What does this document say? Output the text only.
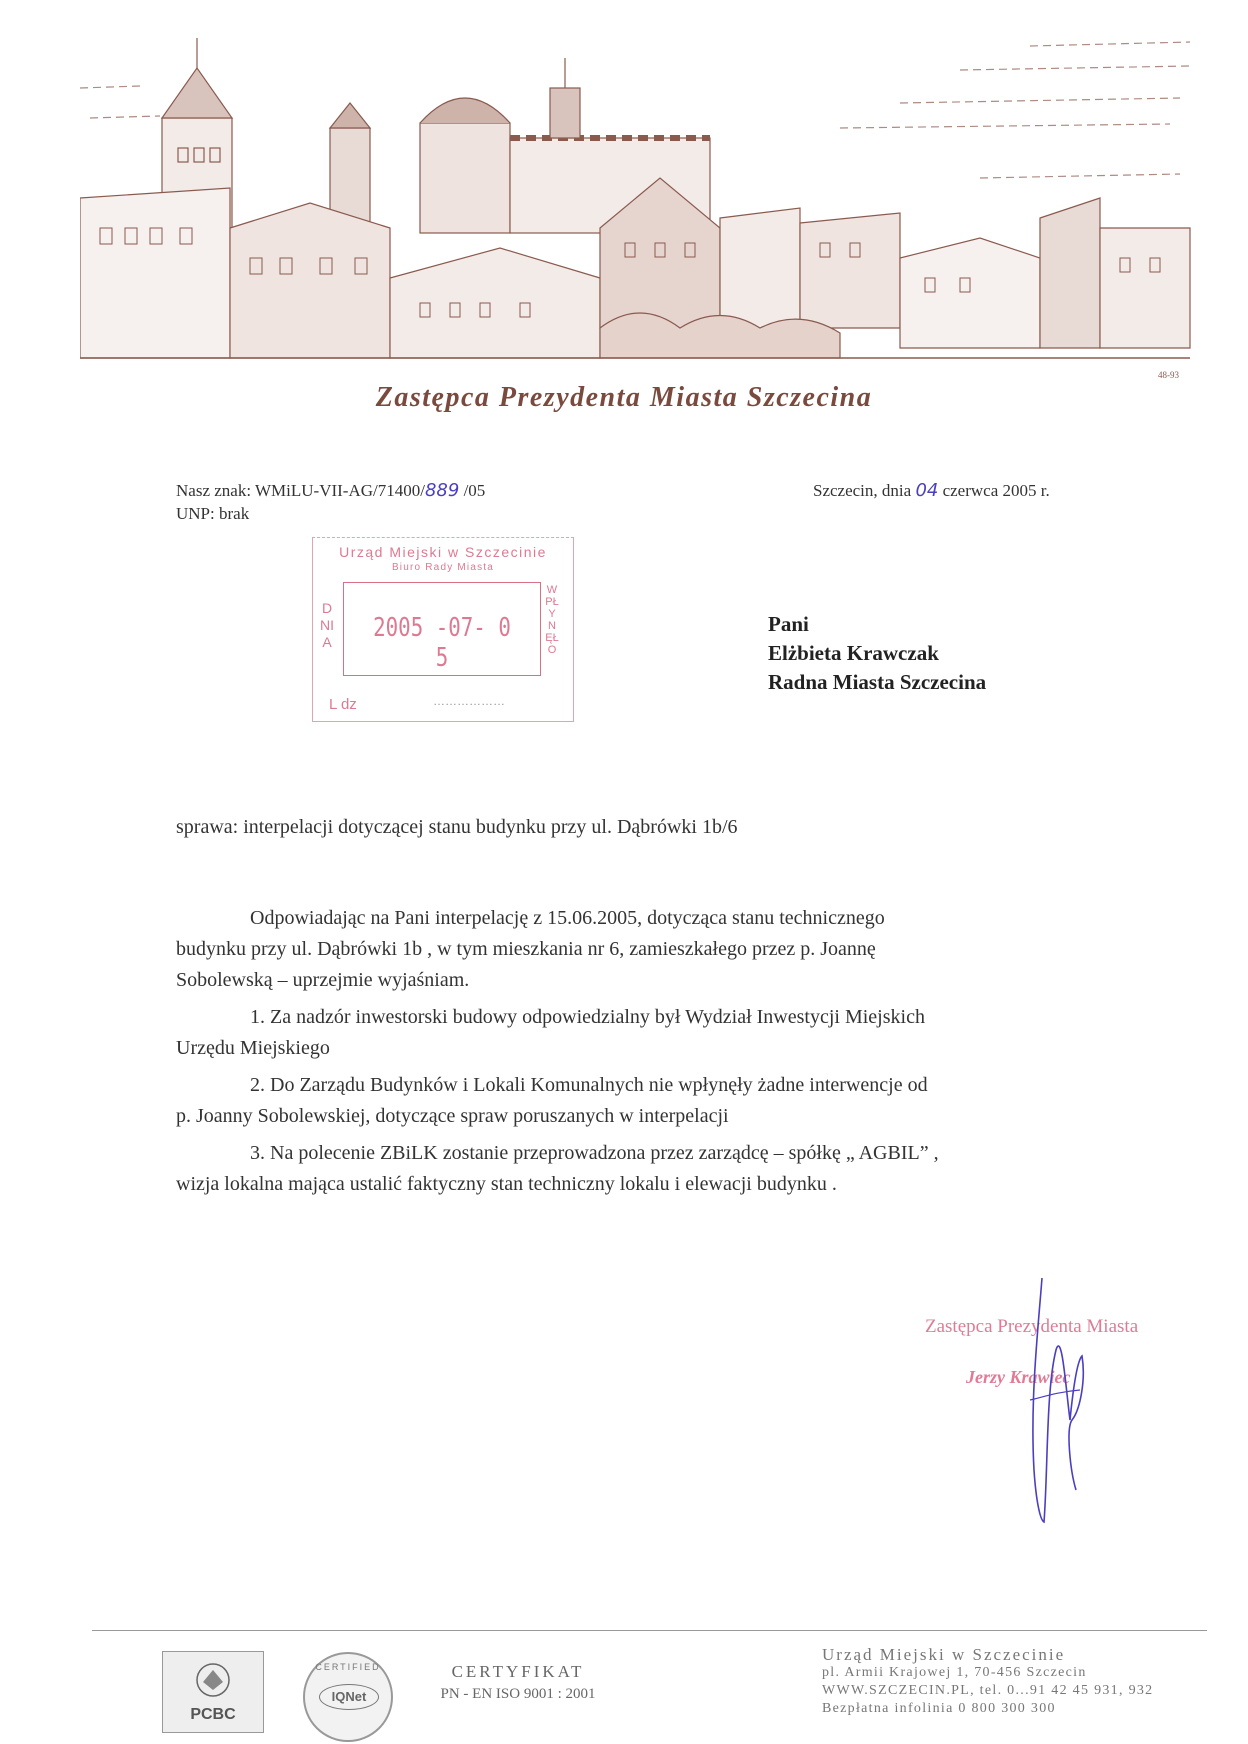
48-93
Zastępca Prezydenta Miasta Szczecina
Nasz znak: WMiLU-VII-AG/71400/889 /05
UNP: brak
Szczecin, dnia 04 czerwca 2005 r.
Urząd Miejski w Szczecinie
Biuro Rady Miasta
DNIA	2005 -07- 0 5
WPŁYNĘŁO
L dz	………………
Pani
Elżbieta Krawczak
Radna Miasta Szczecina
sprawa: interpelacji dotyczącej stanu budynku przy ul. Dąbrówki 1b/6
Odpowiadając na Pani interpelację z 15.06.2005, dotycząca stanu technicznego
budynku przy ul. Dąbrówki 1b , w tym mieszkania nr 6, zamieszkałego przez p. Joannę
Sobolewską – uprzejmie wyjaśniam.
1. Za nadzór inwestorski budowy odpowiedzialny był Wydział Inwestycji Miejskich
Urzędu Miejskiego
2. Do Zarządu Budynków i Lokali Komunalnych nie wpłynęły żadne interwencje od
p. Joanny Sobolewskiej, dotyczące spraw poruszanych w interpelacji
3. Na polecenie ZBiLK zostanie przeprowadzona przez zarządcę – spółkę „ AGBIL” ,
wizja lokalna mająca ustalić faktyczny stan techniczny lokalu i elewacji budynku .
Zastępca Prezydenta Miasta
Jerzy Krawiec
PCBC
CERTIFIED
IQNet
CERTYFIKAT
PN - EN ISO 9001 : 2001
Urząd Miejski w Szczecinie
pl. Armii Krajowej 1, 70-456 Szczecin
WWW.SZCZECIN.PL, tel. 0...91 42 45 931, 932
Bezpłatna infolinia 0 800 300 300
